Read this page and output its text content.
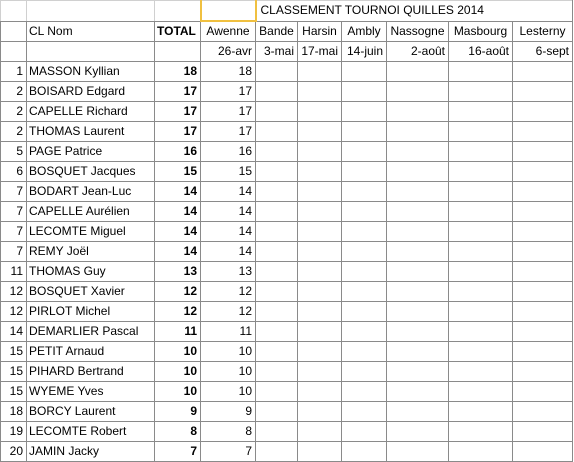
				CLASSEMENT TOURNOI QUILLES 2014					
	CL Nom	TOTAL	Awenne	Bande	Harsin	Ambly	Nassogne	Masbourg	Lesterny
			26-avr	3-mai	17-mai	14-juin	2-août	16-août	6-sept
1	MASSON Kyllian	18	18						
2	BOISARD Edgard	17	17						
2	CAPELLE Richard	17	17						
2	THOMAS Laurent	17	17						
5	PAGE Patrice	16	16						
6	BOSQUET Jacques	15	15						
7	BODART Jean-Luc	14	14						
7	CAPELLE Aurélien	14	14						
7	LECOMTE Miguel	14	14						
7	REMY Joël	14	14						
11	THOMAS Guy	13	13						
12	BOSQUET Xavier	12	12						
12	PIRLOT Michel	12	12						
14	DEMARLIER Pascal	11	11						
15	PETIT Arnaud	10	10						
15	PIHARD Bertrand	10	10						
15	WYEME Yves	10	10						
18	BORCY Laurent	9	9						
19	LECOMTE Robert	8	8						
20	JAMIN Jacky	7	7						
